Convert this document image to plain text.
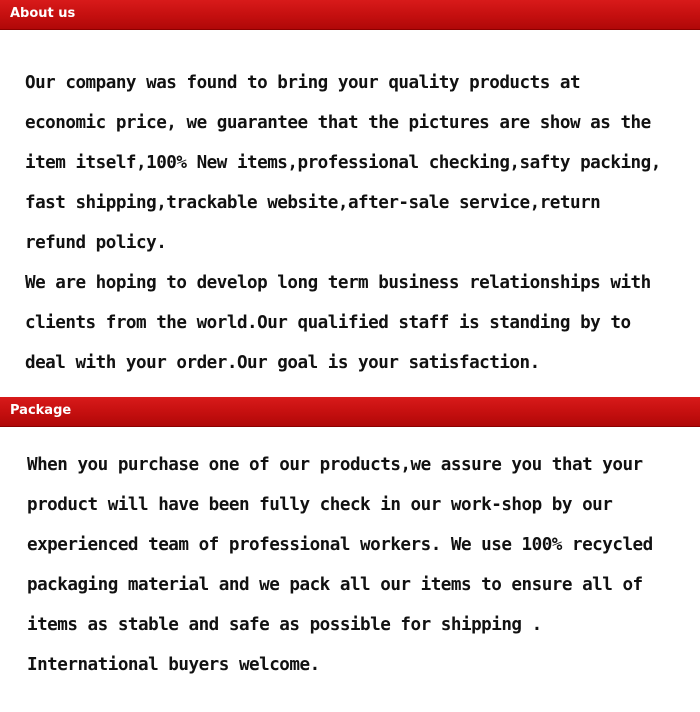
About us
Our company was found to bring your quality products at
economic price, we guarantee that the pictures are show as the
item itself,100% New items,professional checking,safty packing,
fast shipping,trackable website,after-sale service,return
refund policy.
We are hoping to develop long term business relationships with
clients from the world.Our qualified staff is standing by to
deal with your order.Our goal is your satisfaction.
Package
When you purchase one of our products,we assure you that your
product will have been fully check in our work-shop by our
experienced team of professional workers. We use 100% recycled
packaging material and we pack all our items to ensure all of
items as stable and safe as possible for shipping .
International buyers welcome.
